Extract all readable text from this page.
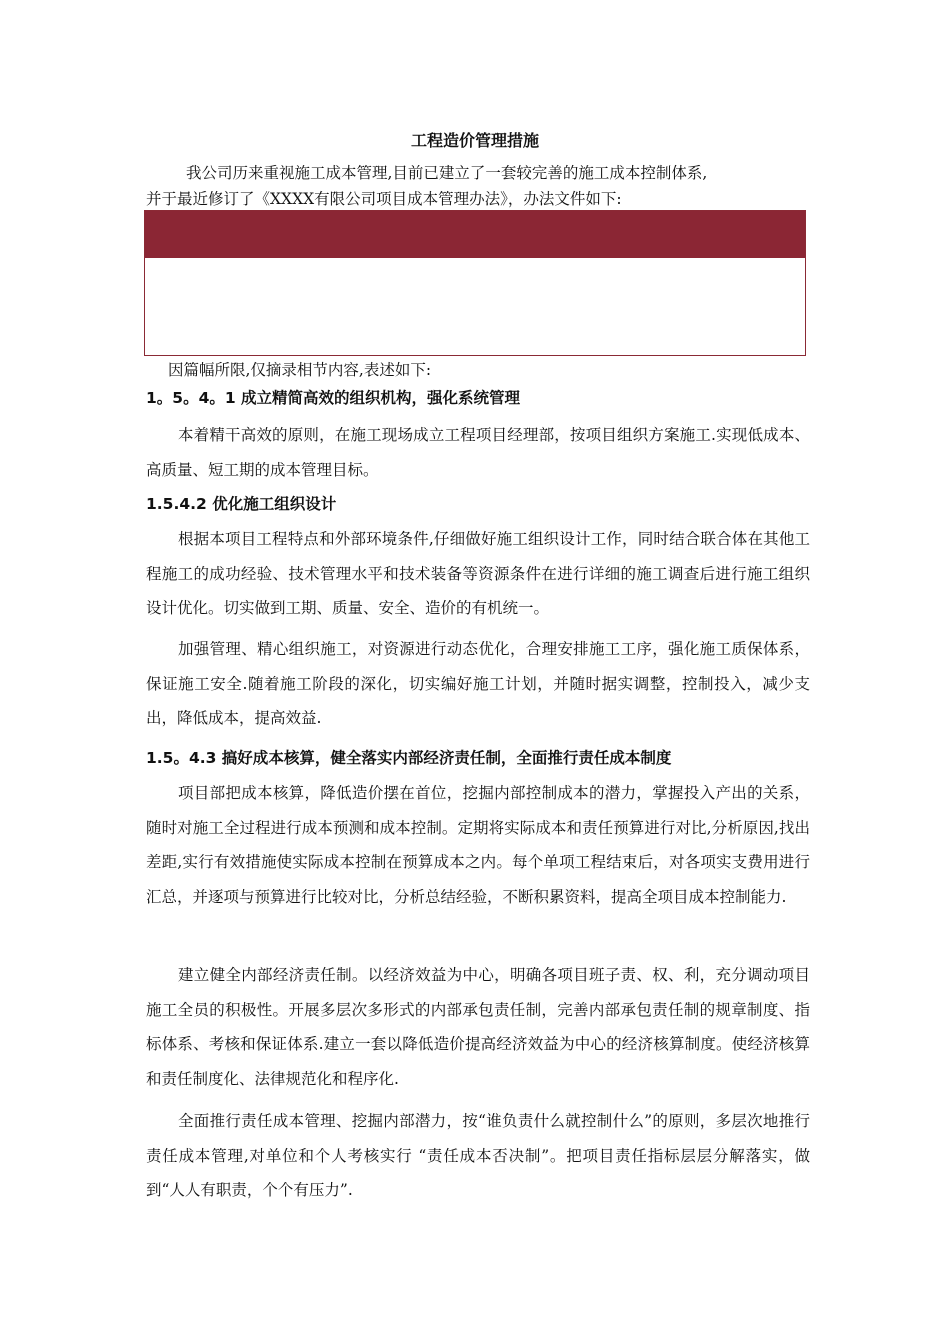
工程造价管理措施
我公司历来重视施工成本管理,目前已建立了一套较完善的施工成本控制体系,
并于最近修订了《XXXX有限公司项目成本管理办法》，办法文件如下:
因篇幅所限,仅摘录相节内容,表述如下:
1。5。4。1 成立精简高效的组织机构，强化系统管理
本着精干高效的原则，在施工现场成立工程项目经理部，按项目组织方案施工.实现低成本、高质量、短工期的成本管理目标。
1.5.4.2 优化施工组织设计
根据本项目工程特点和外部环境条件,仔细做好施工组织设计工作，同时结合联合体在其他工程施工的成功经验、技术管理水平和技术装备等资源条件在进行详细的施工调查后进行施工组织设计优化。切实做到工期、质量、安全、造价的有机统一。
加强管理、精心组织施工，对资源进行动态优化，合理安排施工工序，强化施工质保体系，保证施工安全.随着施工阶段的深化，切实编好施工计划，并随时据实调整，控制投入，减少支出，降低成本，提高效益.
1.5。4.3 搞好成本核算，健全落实内部经济责任制，全面推行责任成本制度
项目部把成本核算，降低造价摆在首位，挖掘内部控制成本的潜力，掌握投入产出的关系，随时对施工全过程进行成本预测和成本控制。定期将实际成本和责任预算进行对比,分析原因,找出差距,实行有效措施使实际成本控制在预算成本之内。每个单项工程结束后，对各项实支费用进行汇总，并逐项与预算进行比较对比，分析总结经验，不断积累资料，提高全项目成本控制能力.
建立健全内部经济责任制。以经济效益为中心，明确各项目班子责、权、利，充分调动项目施工全员的积极性。开展多层次多形式的内部承包责任制，完善内部承包责任制的规章制度、指标体系、考核和保证体系.建立一套以降低造价提高经济效益为中心的经济核算制度。使经济核算和责任制度化、法律规范化和程序化.
全面推行责任成本管理、挖掘内部潜力，按“谁负责什么就控制什么”的原则，多层次地推行责任成本管理,对单位和个人考核实行 “责任成本否决制”。把项目责任指标层层分解落实，做到“人人有职责，个个有压力”.
